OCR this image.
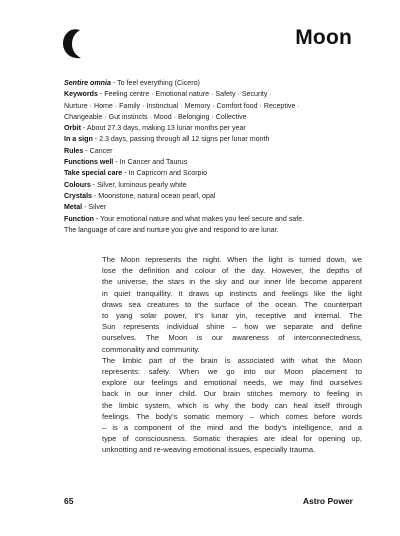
Moon
Sentire omnia - To feel everything (Cicero)
Keywords - Feeling centre · Emotional nature · Safety · Security ·
Nurture · Home · Family · Instinctual · Memory · Comfort food · Receptive ·
Changeable · Gut instincts · Mood · Belonging · Collective
Orbit - About 27.3 days, making 13 lunar months per year
In a sign - 2.3 days, passing through all 12 signs per lunar month
Rules - Cancer
Functions well - In Cancer and Taurus
Take special care - In Capricorn and Scorpio
Colours - Silver, luminous pearly white
Crystals - Moonstone, natural ocean pearl, opal
Metal - Silver
Function - Your emotional nature and what makes you feel secure and safe.
The language of care and nurture you give and respond to are lunar.

The Moon represents the night. When the light is turned down, we
lose the definition and colour of the day. However, the depths of
the universe, the stars in the sky and our inner life become apparent
in quiet tranquillity. It draws up instincts and feelings like the light
draws sea creatures to the surface of the ocean. The counterpart
to yang solar power, it’s lunar yin, receptive and internal. The
Sun represents individual shine – how we separate and define
ourselves. The Moon is our awareness of interconnectedness,
commonality and community.

The limbic part of the brain is associated with what the Moon
represents: safety. When we go into our Moon placement to
explore our feelings and emotional needs, we may find ourselves
back in our inner child. Our brain stitches memory to feeling in
the limbic system, which is why the body can heal itself through
feelings. The body’s somatic memory – which comes before words
– is a component of the mind and the body’s intelligence, and a
type of consciousness. Somatic therapies are ideal for opening up,
unknotting and re-weaving emotional issues, especially trauma.

65	Astro Power
